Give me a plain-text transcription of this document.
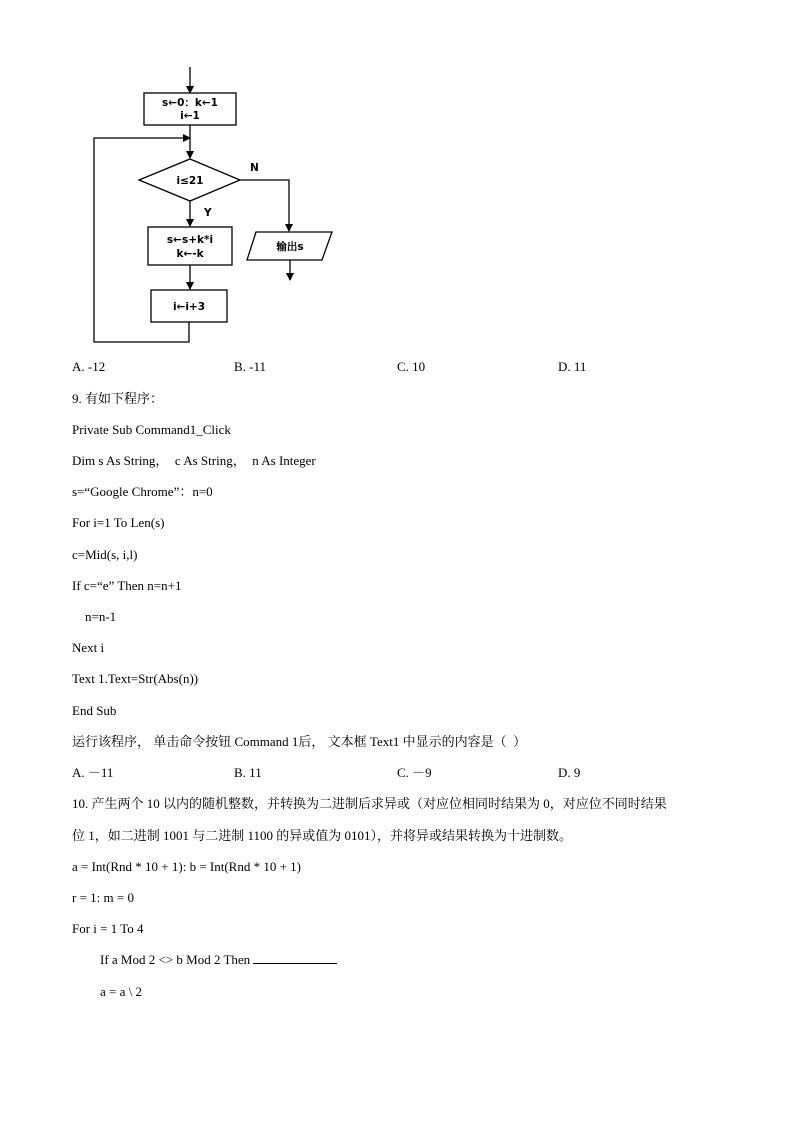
s←0：k←1
i←1
i≤21
N
输出s
Y
s←s+k*i
k←-k
i←i+3
A. -12	B. -11	C. 10	D. 11
9. 有如下程序：
Private Sub Command1_Click
Dim s As String，  c As String，  n As Integer
s=“Google Chrome”：n=0
For i=1 To Len(s)
c=Mid(s, i,l)
If c=“e” Then n=n+1
n=n-1
Next i
Text 1.Text=Str(Abs(n))
End Sub
运行该程序， 单击命令按钮 Command 1后， 文本框 Text1 中显示的内容是（  ）
A. －11	B. 11	C. －9	D. 9
10. 产生两个 10 以内的随机整数，并转换为二进制后求异或（对应位相同时结果为 0，对应位不同时结果
位 1，如二进制 1001 与二进制 1100 的异或值为 0101），并将异或结果转换为十进制数。
a = Int(Rnd * 10 + 1): b = Int(Rnd * 10 + 1)
r = 1: m = 0
For i = 1 To 4
If a Mod 2 <> b Mod 2 Then
a = a \ 2
